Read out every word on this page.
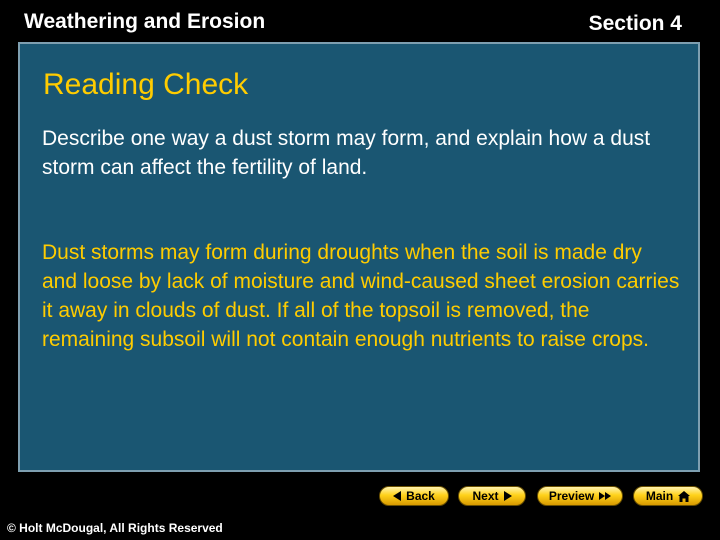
Weathering and Erosion	Section 4
Reading Check
Describe one way a dust storm may form, and explain how a dust storm can affect the fertility of land.
Dust storms may form during droughts when the soil is made dry and loose by lack of moisture and wind-caused sheet erosion carries it away in clouds of dust. If all of the topsoil is removed, the remaining subsoil will not contain enough nutrients to raise crops.
Back	Next	Preview	Main
© Holt McDougal, All Rights Reserved
